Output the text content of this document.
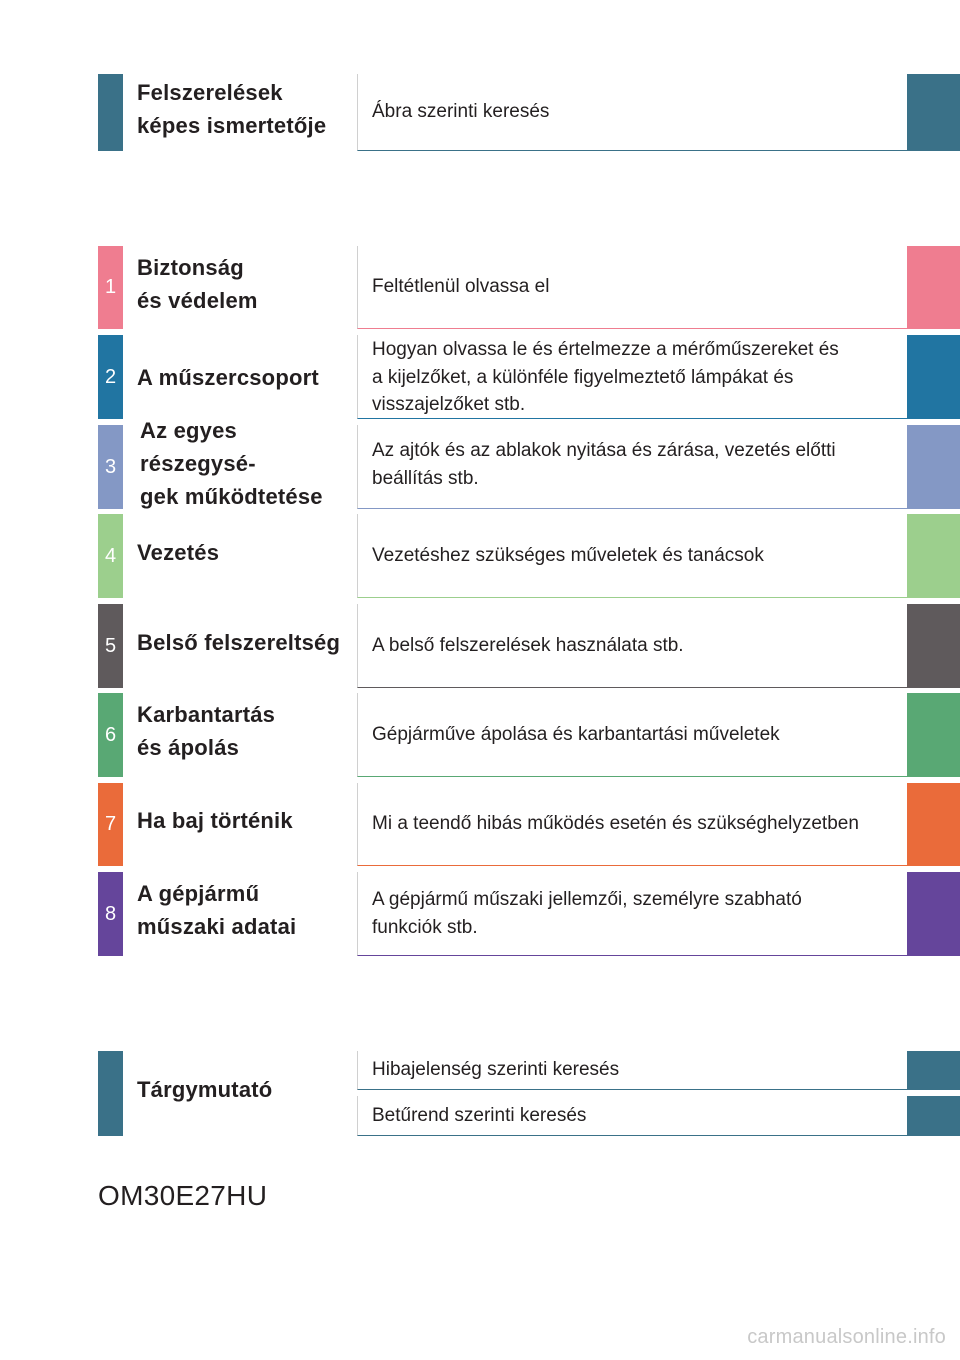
Felszerelések
képes ismertetője
Ábra szerinti keresés
1
Biztonság
és védelem
Feltétlenül olvassa el
2 A műszercsoport
Hogyan olvassa le és értelmezze a mérőműszereket és
a kijelzőket, a különféle figyelmeztető lámpákat és
visszajelzőket stb.
3
Az egyes részegysé-
gek működtetése
Az ajtók és az ablakok nyitása és zárása, vezetés előtti
beállítás stb.
4 Vezetés	Vezetéshez szükséges műveletek és tanácsok
5 Belső felszereltség A belső felszerelések használata stb.
6
Karbantartás
és ápolás
Gépjárműve ápolása és karbantartási műveletek
7 Ha baj történik	Mi a teendő hibás működés esetén és szükséghelyzetben
8
A gépjármű
műszaki adatai
A gépjármű műszaki jellemzői, személyre szabható
funkciók stb.
Tárgymutató
Hibajelenség szerinti keresés
Betűrend szerinti keresés
OM30E27HU
carmanualsonline.info
